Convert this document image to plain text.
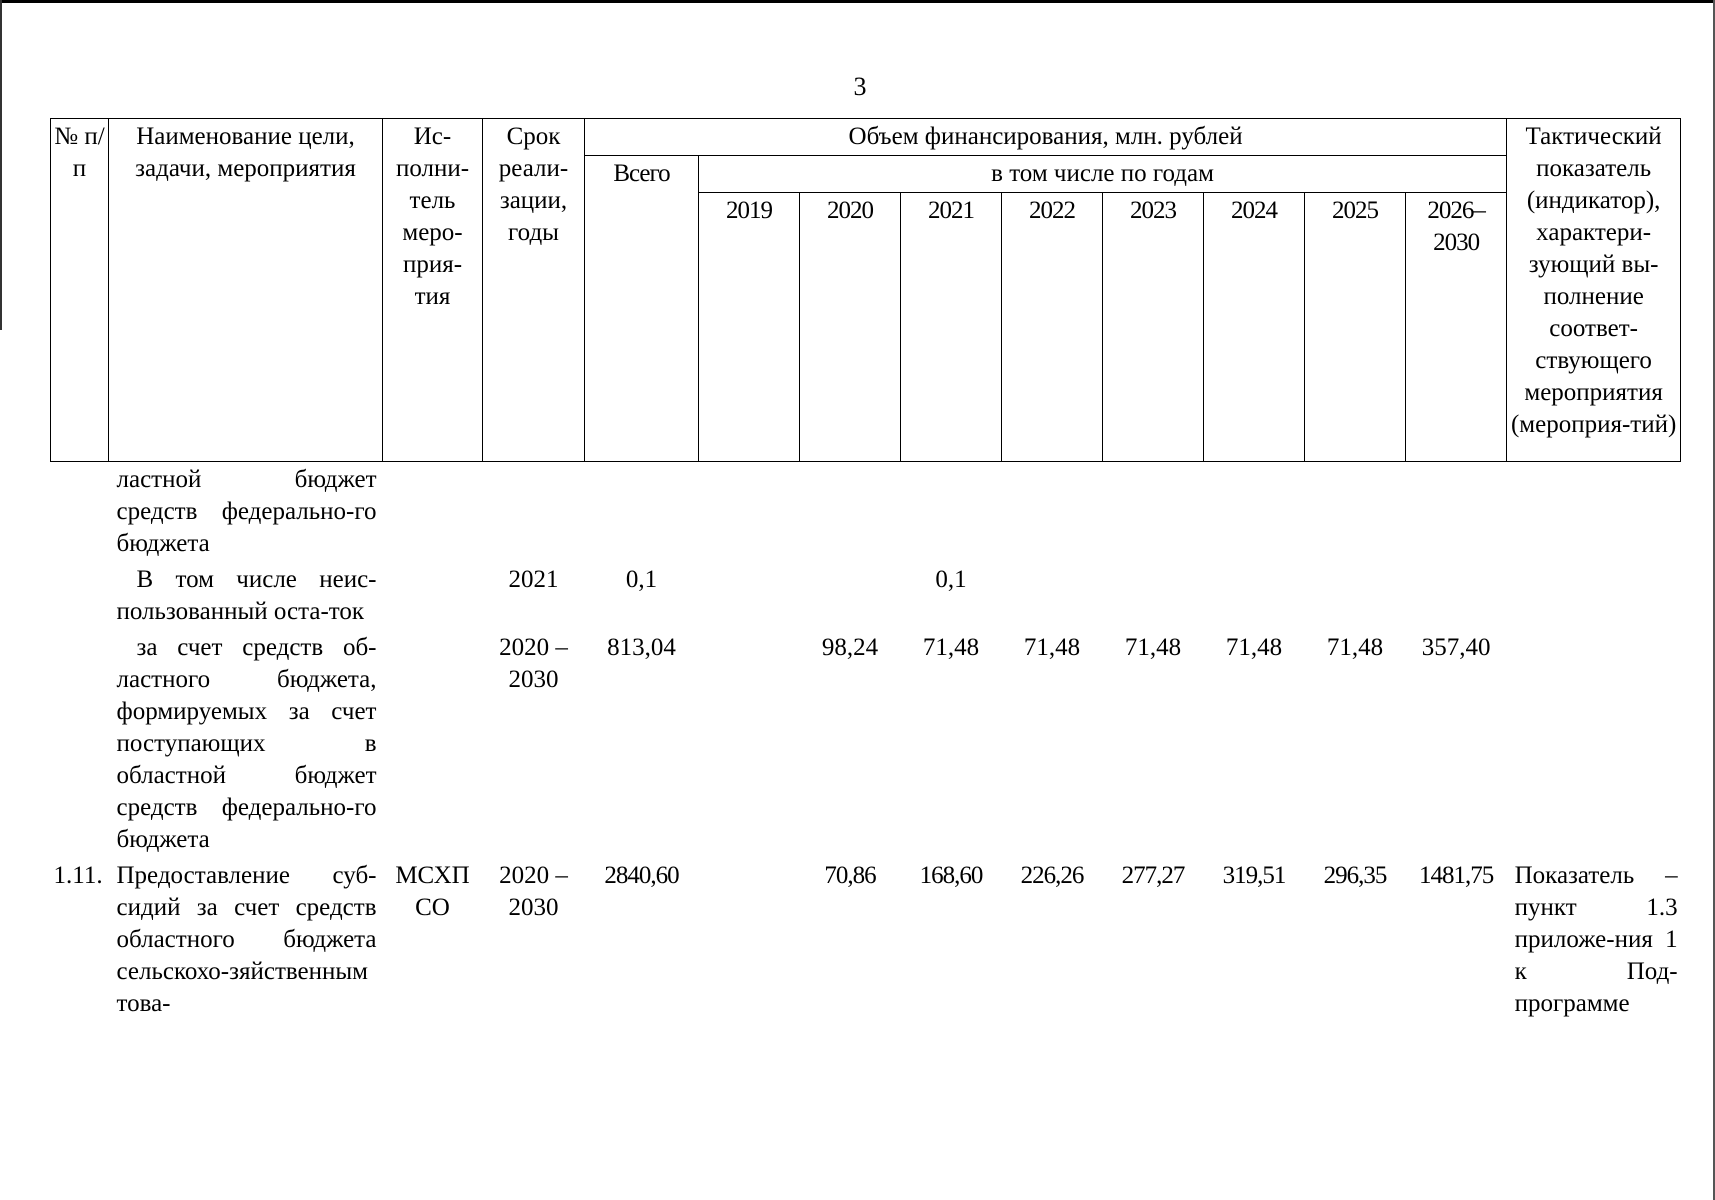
3
№ п/п	Наименование цели, задачи, мероприятия	Ис-полни-тель меро-прия-тия	Срок реали-зации, годы	Объем финансирования, млн. рублей									Тактический показатель (индикатор), характери-зующий вы-полнение соответ-ствующего мероприятия (мероприя-тий)
				Всего	в том числе по годам								
					2019	2020	2021	2022	2023	2024	2025	2026–2030	
	ластной бюджет средств федерально-го бюджета												
	В том числе неис-пользованный оста-ток		2021	0,1			0,1						
	за счет средств об-ластного бюджета, формируемых за счет поступающих в областной бюджет средств федерально-го бюджета		2020 – 2030	813,04		98,24	71,48	71,48	71,48	71,48	71,48	357,40	
1.11.	Предоставление суб-сидий за счет средств областного бюджета сельскохо-зяйственным това-	МСХП СО	2020 – 2030	2840,60		70,86	168,60	226,26	277,27	319,51	296,35	1481,75	Показатель – пункт 1.3 приложе-ния 1 к Под-программе
